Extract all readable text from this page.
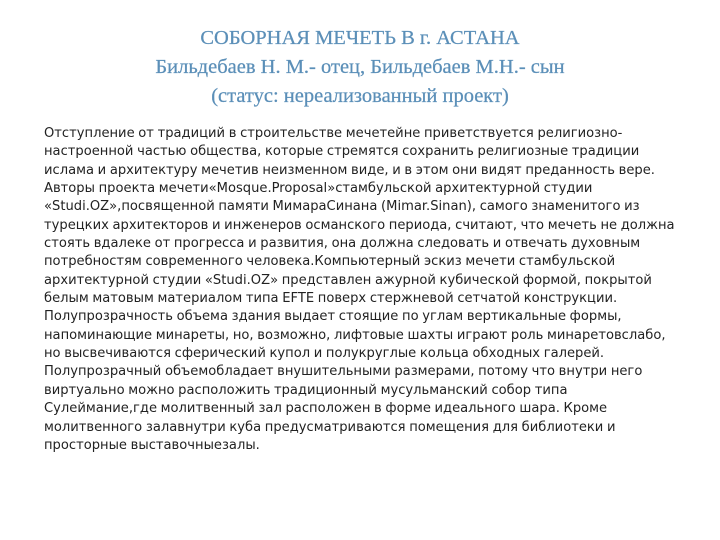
СОБОРНАЯ МЕЧЕТЬ В г. АСТАНА
Бильдебаев Н. М.- отец, Бильдебаев М.Н.- сын
(статус: нереализованный проект)

Отступление от традиций в строительстве мечетейне приветствуется религиозно-настроенной частью общества, которые стремятся сохранить религиозные традиции ислама и архитектуру мечетив неизменном виде, и в этом они видят преданность вере. Авторы проекта мечети«Mosque.Proposal»стамбульской архитектурной студии «Studi.OZ»,посвященной памяти МимараСинана (Mimar.Sinan), самого знаменитого из турецких архитекторов и инженеров османского периода, считают, что мечеть не должна стоять вдалеке от прогресса и развития, она должна следовать и отвечать духовным потребностям современного человека.Компьютерный эскиз мечети стамбульской архитектурной студии «Studi.OZ» представлен ажурной кубической формой, покрытой белым матовым материалом типа EFTE поверх стержневой сетчатой конструкции. Полупрозрачность объема здания выдает стоящие по углам вертикальные формы, напоминающие минареты, но, возможно, лифтовые шахты играют роль минаретовслабо, но высвечиваются сферический купол и полукруглые кольца обходных галерей. Полупрозрачный объемобладает внушительными размерами, потому что внутри него виртуально можно расположить традиционный мусульманский собор типа Сулеймание,где молитвенный зал расположен в форме идеального шара. Кроме молитвенного залавнутри куба предусматриваются помещения для библиотеки и просторные выставочныезалы.
